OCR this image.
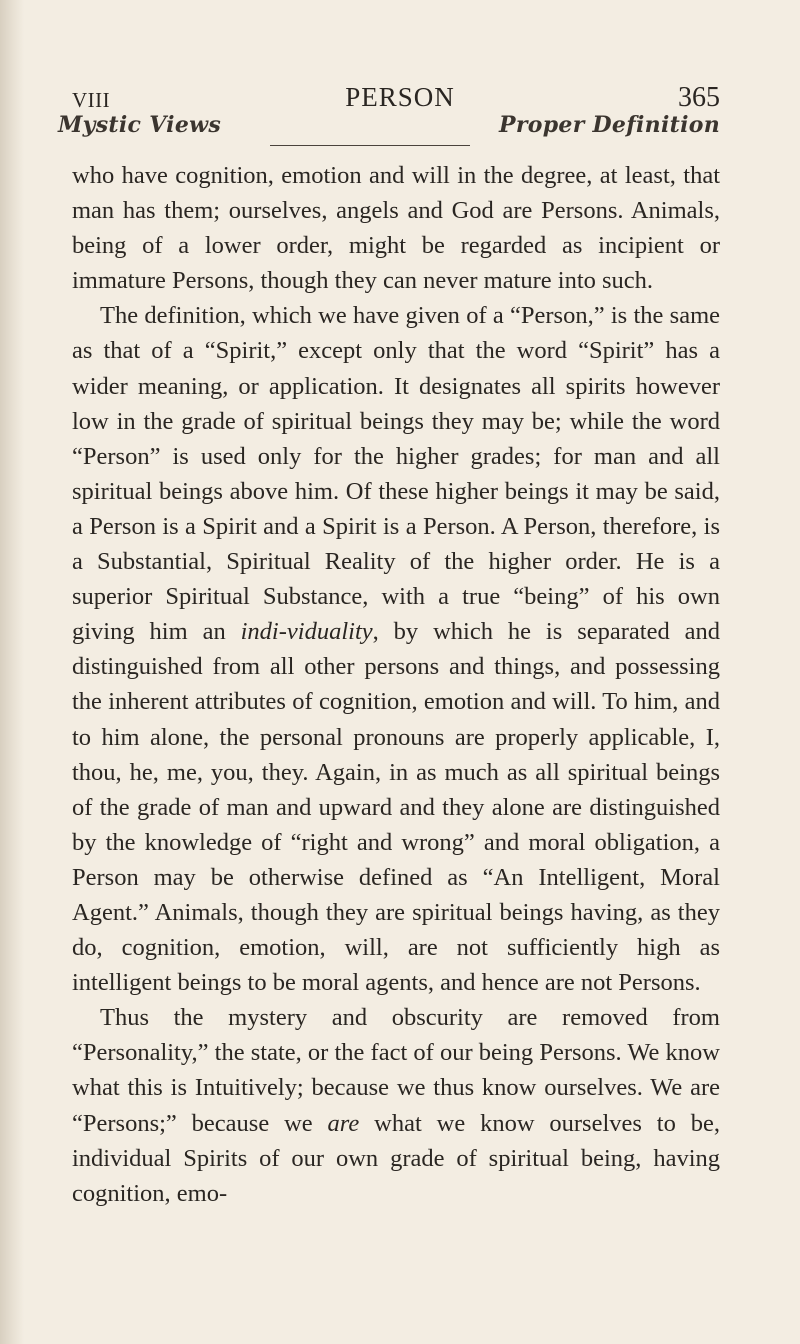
VIII	PERSON	365
Mystic Views	Proper Definition

who have cognition, emotion and will in the degree, at least, that man has them; ourselves, angels and God are Persons. Animals, being of a lower order, might be regarded as incipient or immature Persons, though they can never mature into such.

The definition, which we have given of a “Person,” is the same as that of a “Spirit,” except only that the word “Spirit” has a wider meaning, or application. It designates all spirits however low in the grade of spiritual beings they may be; while the word “Person” is used only for the higher grades; for man and all spiritual beings above him. Of these higher beings it may be said, a Person is a Spirit and a Spirit is a Person. A Person, therefore, is a Substantial, Spiritual Reality of the higher order. He is a superior Spiritual Substance, with a true “being” of his own giving him an indi-viduality, by which he is separated and distinguished from all other persons and things, and possessing the inherent attributes of cognition, emotion and will. To him, and to him alone, the personal pronouns are properly applicable, I, thou, he, me, you, they. Again, in as much as all spiritual beings of the grade of man and upward and they alone are distinguished by the knowledge of “right and wrong” and moral obligation, a Person may be otherwise defined as “An Intelligent, Moral Agent.” Animals, though they are spiritual beings having, as they do, cognition, emotion, will, are not sufficiently high as intelligent beings to be moral agents, and hence are not Persons.

Thus the mystery and obscurity are removed from “Personality,” the state, or the fact of our being Persons. We know what this is Intuitively; because we thus know ourselves. We are “Persons;” because we are what we know ourselves to be, individual Spirits of our own grade of spiritual being, having cognition, emo-
